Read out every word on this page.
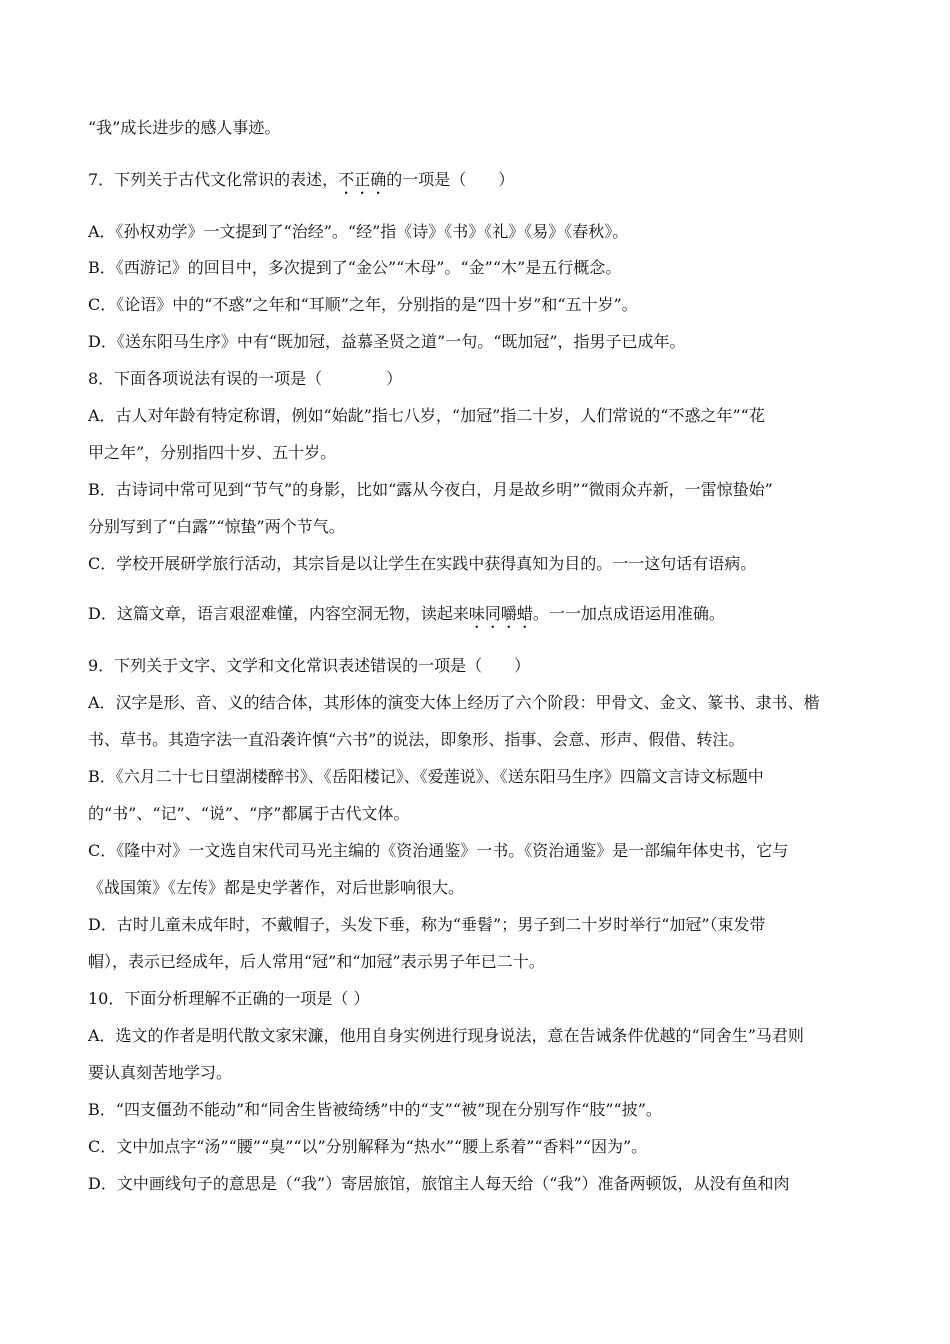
“我”成长进步的感人事迹。
7．下列关于古代文化常识的表述，不正确的一项是（　　）
A．《孙权劝学》一文提到了“治经”。“经”指《诗》《书》《礼》《易》《春秋》。
B．《西游记》的回目中，多次提到了“金公”“木母”。“金”“木”是五行概念。
C．《论语》中的“不惑”之年和“耳顺”之年，分别指的是“四十岁”和“五十岁”。
D．《送东阳马生序》中有“既加冠，益慕圣贤之道”一句。“既加冠”，指男子已成年。
8．下面各项说法有误的一项是（　　　　）
A．古人对年龄有特定称谓，例如“始龀”指七八岁，“加冠”指二十岁，人们常说的“不惑之年”“花
甲之年”，分别指四十岁、五十岁。
B．古诗词中常可见到“节气”的身影，比如“露从今夜白，月是故乡明”“微雨众卉新，一雷惊蛰始”
分别写到了“白露”“惊蛰”两个节气。
C．学校开展研学旅行活动，其宗旨是以让学生在实践中获得真知为目的。一一这句话有语病。
D．这篇文章，语言艰涩难懂，内容空洞无物，读起来味同嚼蜡。一一加点成语运用准确。
9．下列关于文字、文学和文化常识表述错误的一项是（　　）
A．汉字是形、音、义的结合体，其形体的演变大体上经历了六个阶段：甲骨文、金文、篆书、隶书、楷
书、草书。其造字法一直沿袭许慎“六书”的说法，即象形、指事、会意、形声、假借、转注。
B．《六月二十七日望湖楼醉书》、《岳阳楼记》、《爱莲说》、《送东阳马生序》四篇文言诗文标题中
的“书”、“记”、“说”、“序”都属于古代文体。
C．《隆中对》一文选自宋代司马光主编的《资治通鉴》一书。《资治通鉴》是一部编年体史书，它与
《战国策》《左传》都是史学著作，对后世影响很大。
D．古时儿童未成年时，不戴帽子，头发下垂，称为“垂髫”；男子到二十岁时举行“加冠”（束发带
帽），表示已经成年，后人常用“冠”和“加冠”表示男子年已二十。
10．下面分析理解不正确的一项是（ ）
A．选文的作者是明代散文家宋濂，他用自身实例进行现身说法，意在告诫条件优越的“同舍生”马君则
要认真刻苦地学习。
B．“四支僵劲不能动”和“同舍生皆被绮绣”中的“支”“被”现在分别写作“肢”“披”。
C．文中加点字“汤”“腰”“臭”“以”分别解释为“热水”“腰上系着”“香料”“因为”。
D．文中画线句子的意思是（“我”）寄居旅馆，旅馆主人每天给（“我”）准备两顿饭，从没有鱼和肉
